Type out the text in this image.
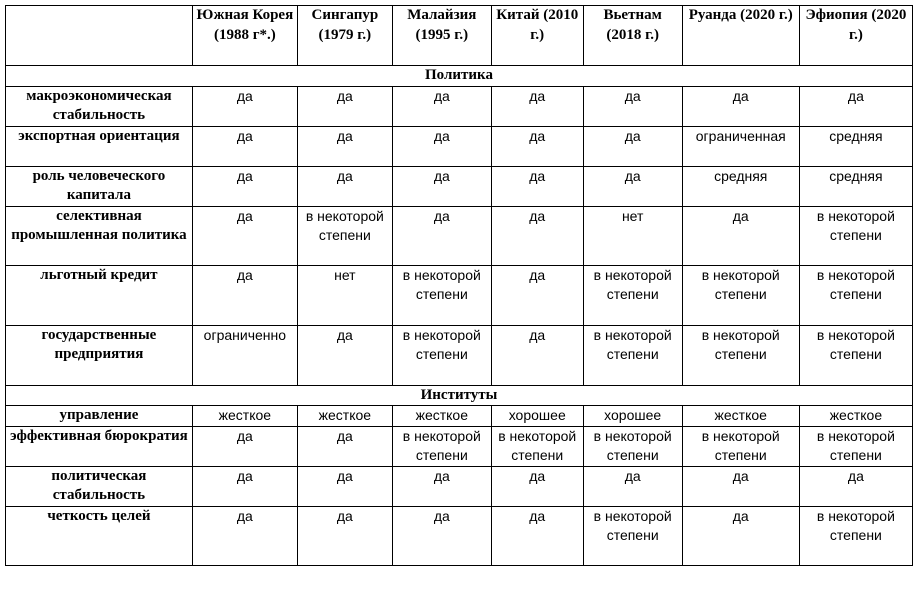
	Южная Корея (1988 г*.)	Сингапур (1979 г.)	Малайзия (1995 г.)	Китай (2010 г.)	Вьетнам (2018 г.)	Руанда (2020 г.)	Эфиопия (2020 г.)
Политика							
макроэкономическая стабильность	да	да	да	да	да	да	да
экспортная ориентация	да	да	да	да	да	ограниченная	средняя
роль человеческого капитала	да	да	да	да	да	средняя	средняя
селективная промышленная политика	да	в некоторой степени	да	да	нет	да	в некоторой степени
льготный кредит	да	нет	в некоторой степени	да	в некоторой степени	в некоторой степени	в некоторой степени
государственные предприятия	ограниченно	да	в некоторой степени	да	в некоторой степени	в некоторой степени	в некоторой степени
Институты							
управление	жесткое	жесткое	жесткое	хорошее	хорошее	жесткое	жесткое
эффективная бюрократия	да	да	в некоторой степени	в некоторой степени	в некоторой степени	в некоторой степени	в некоторой степени
политическая стабильность	да	да	да	да	да	да	да
четкость целей	да	да	да	да	в некоторой степени	да	в некоторой степени
